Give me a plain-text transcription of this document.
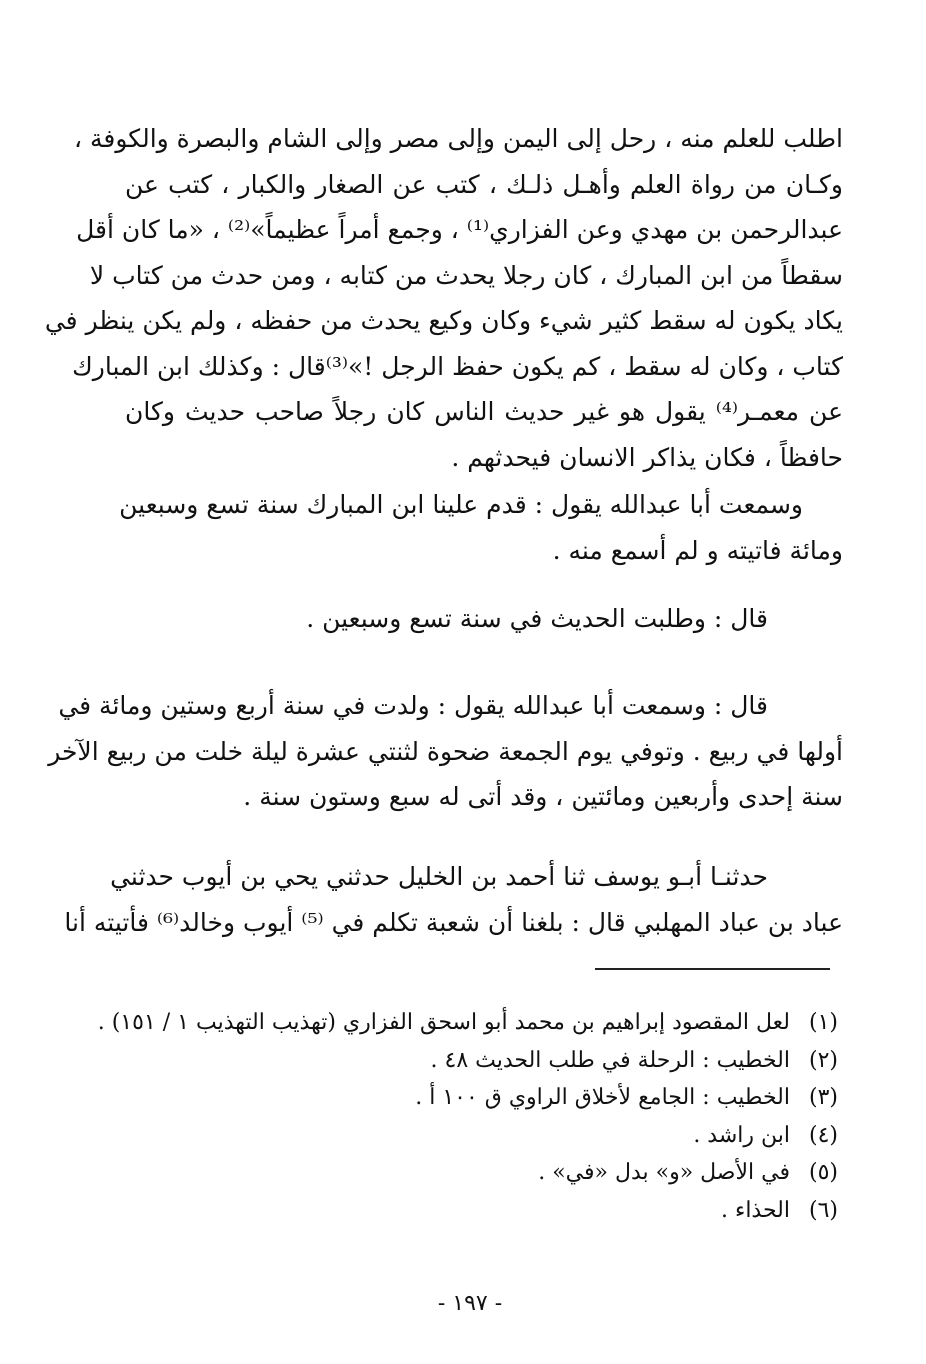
اطلب للعلم منه ، رحل إلى اليمن وإلى مصر وإلى الشام والبصرة والكوفة ،
وكـان من رواة العلم وأهـل ذلـك ، كتب عن الصغار والكبار ، كتب عن
عبدالرحمن بن مهدي وعن الفزاري⁽¹⁾ ، وجمع أمراً عظيماً»⁽²⁾ ، «ما كان أقل
سقطاً من ابن المبارك ، كان رجلا يحدث من كتابه ، ومن حدث من كتاب لا
يكاد يكون له سقط كثير شيء وكان وكيع يحدث من حفظه ، ولم يكن ينظر في
كتاب ، وكان له سقط ، كم يكون حفظ الرجل !»⁽³⁾قال : وكذلك ابن المبارك
عن معمـر⁽⁴⁾ يقول هو غير حديث الناس كان رجلاً صاحب حديث وكان
حافظاً ، فكان يذاكر الانسان فيحدثهم .
وسمعت أبا عبدالله يقول : قدم علينا ابن المبارك سنة تسع وسبعين
ومائة فاتيته و لم أسمع منه .
قال : وطلبت الحديث في سنة تسع وسبعين .
قال : وسمعت أبا عبدالله يقول : ولدت في سنة أربع وستين ومائة في
أولها في ربيع . وتوفي يوم الجمعة ضحوة لثنتي عشرة ليلة خلت من ربيع الآخر
سنة إحدى وأربعين ومائتين ، وقد أتى له سبع وستون سنة .
حدثنـا أبـو يوسف ثنا أحمد بن الخليل حدثني يحي بن أيوب حدثني
عباد بن عباد المهلبي قال : بلغنا أن شعبة تكلم في ⁽⁵⁾ أيوب وخالد⁽⁶⁾ فأتيته أنا
(١)لعل المقصود إبراهيم بن محمد أبو اسحق الفزاري (تهذيب التهذيب ١ / ١٥١) .
(٢)الخطيب : الرحلة في طلب الحديث ٤٨ .
(٣)الخطيب : الجامع لأخلاق الراوي ق ١٠٠ أ .
(٤)ابن راشد .
(٥)في الأصل «و» بدل «في» .
(٦)الحذاء .
- ١٩٧ -
